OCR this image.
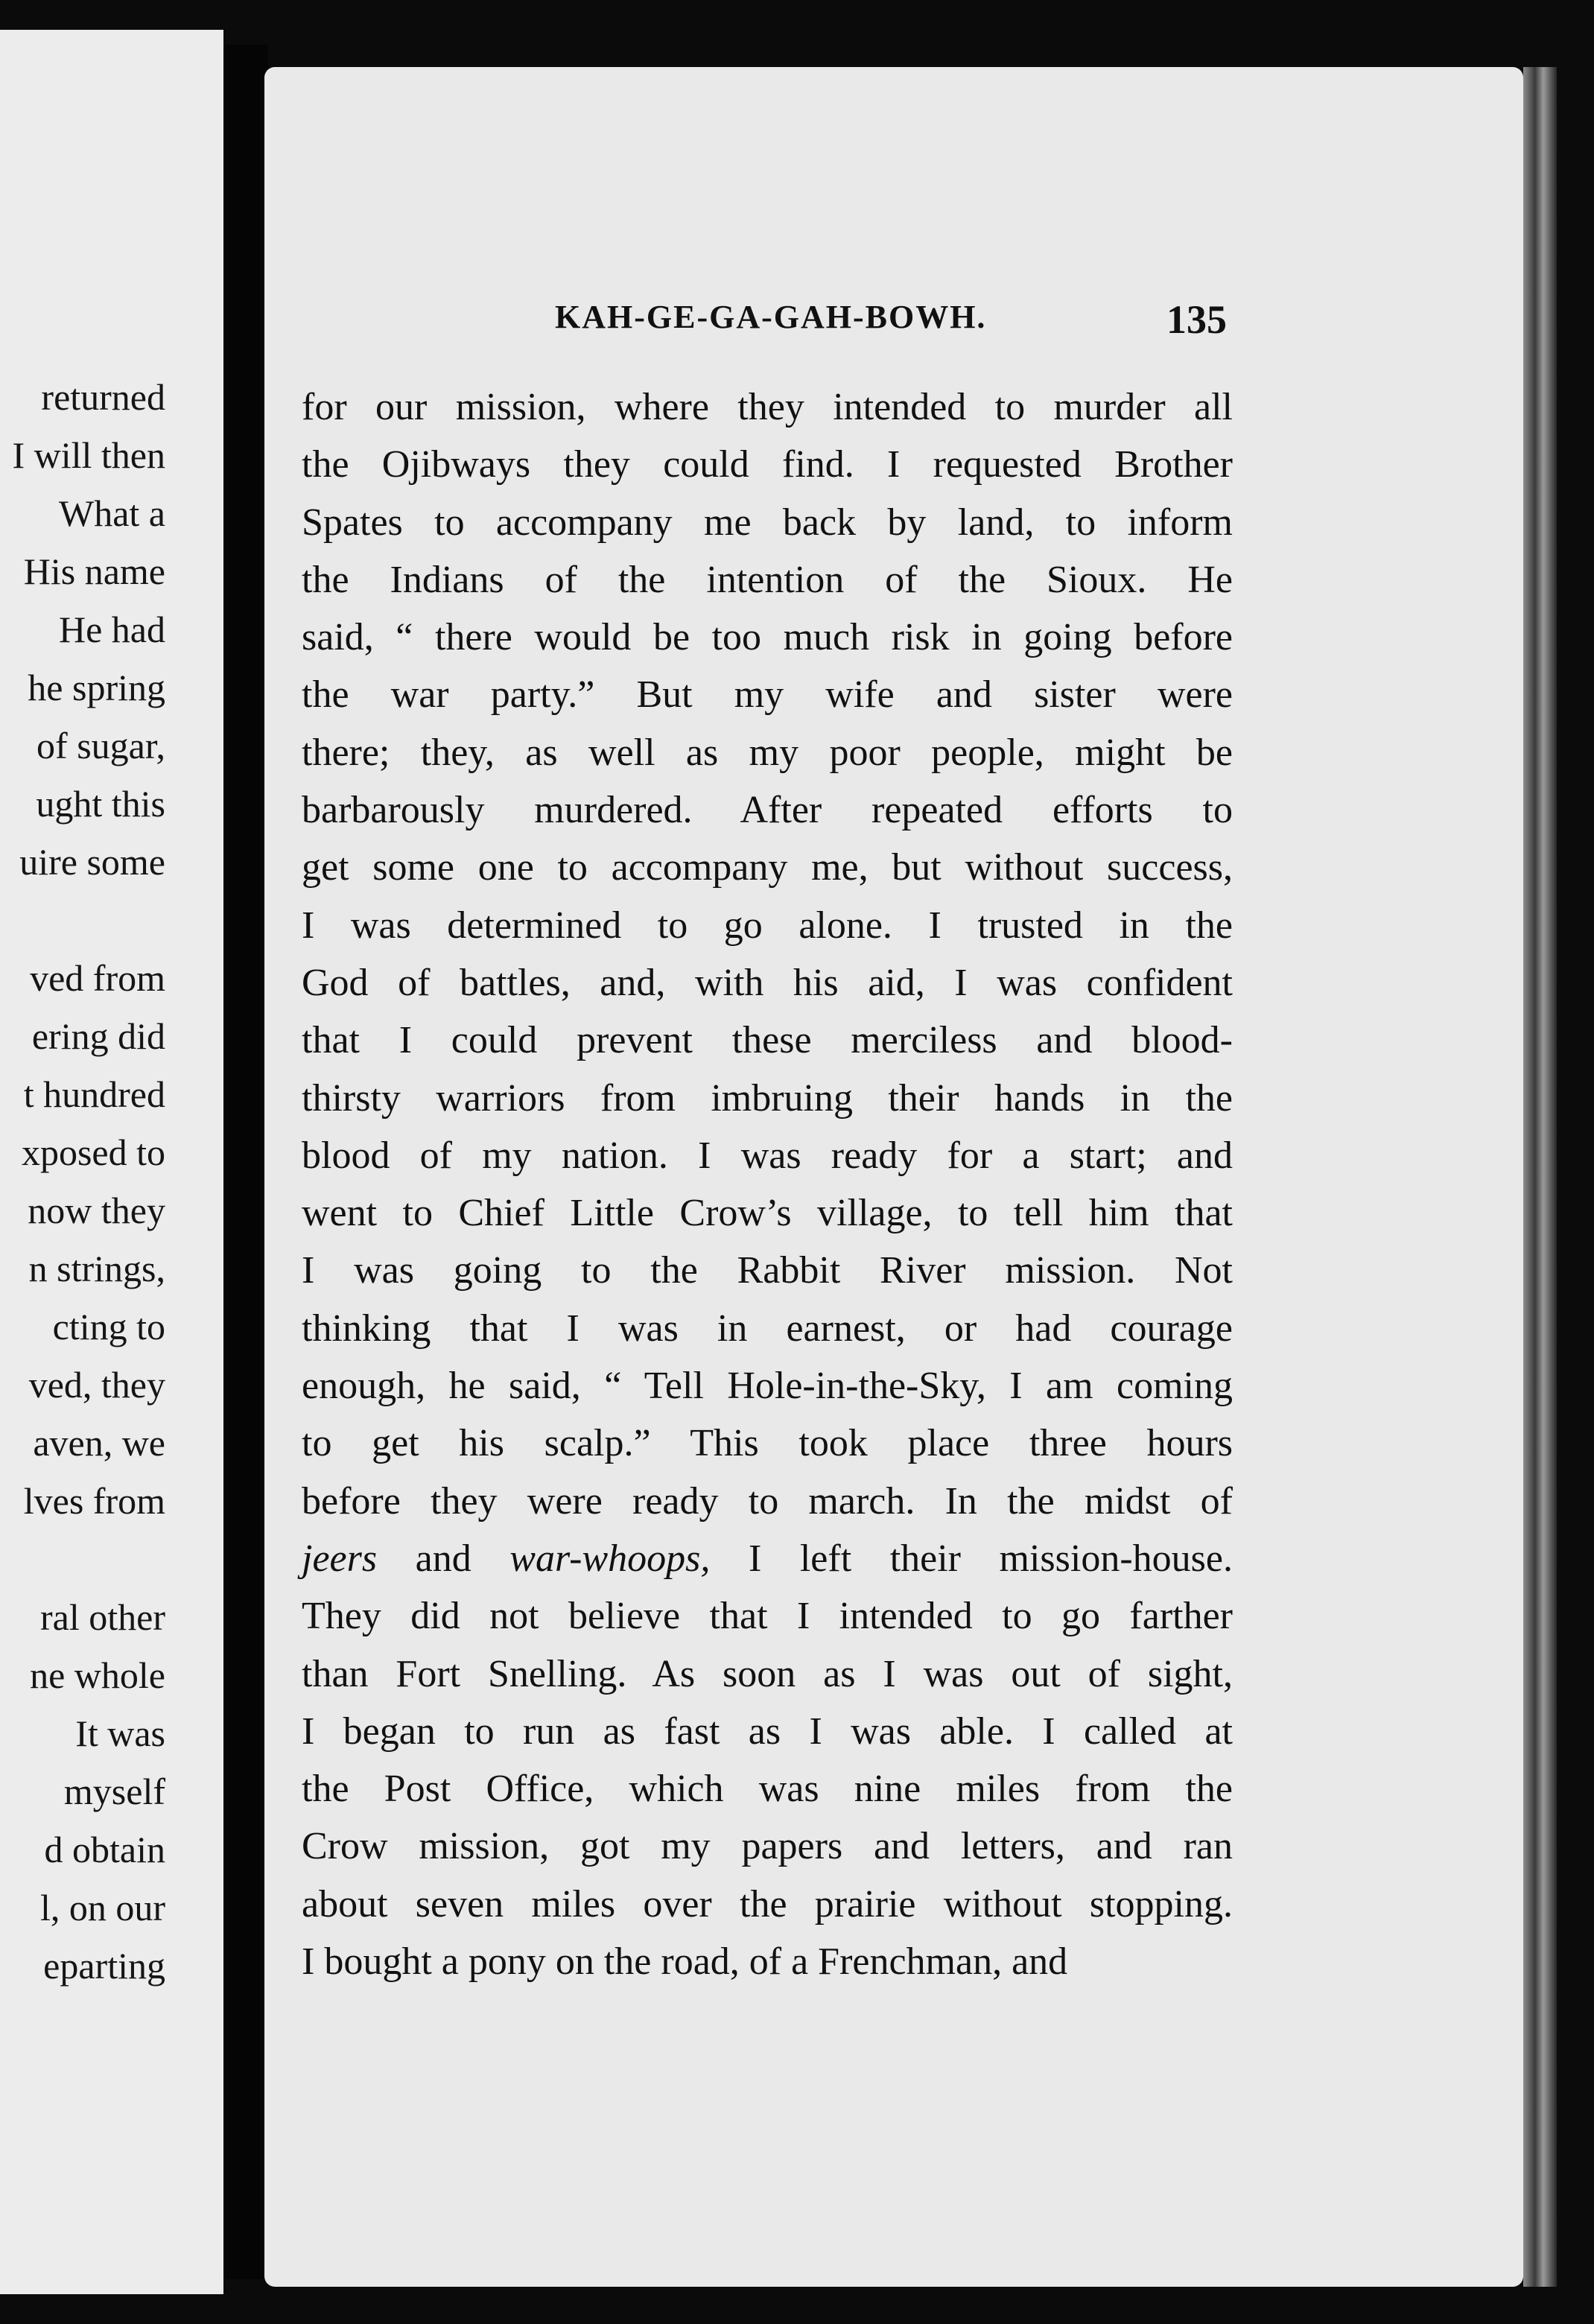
returned

I will then

What a

His name

He had

he spring

of sugar,

ught this

uire some

ved from

ering did

t hundred

xposed to

now they

n strings,

cting to

ved, they

aven, we

lves from

ral other

ne whole

It was

myself

d obtain

l, on our

eparting

KAH-GE-GA-GAH-BOWH.	135

for our mission, where they intended to murder all
the Ojibways they could find. I requested Brother
Spates to accompany me back by land, to inform
the Indians of the intention of the Sioux. He
said, “ there would be too much risk in going before
the war party.” But my wife and sister were
there; they, as well as my poor people, might be
barbarously murdered. After repeated efforts to
get some one to accompany me, but without success,
I was determined to go alone. I trusted in the
God of battles, and, with his aid, I was confident
that I could prevent these merciless and blood-
thirsty warriors from imbruing their hands in the
blood of my nation. I was ready for a start; and
went to Chief Little Crow’s village, to tell him that
I was going to the Rabbit River mission. Not
thinking that I was in earnest, or had courage
enough, he said, “ Tell Hole-in-the-Sky, I am coming
to get his scalp.” This took place three hours
before they were ready to march. In the midst of
jeers and war-whoops, I left their mission-house.
They did not believe that I intended to go farther
than Fort Snelling. As soon as I was out of sight,
I began to run as fast as I was able. I called at
the Post Office, which was nine miles from the
Crow mission, got my papers and letters, and ran
about seven miles over the prairie without stopping.
I bought a pony on the road, of a Frenchman, and
